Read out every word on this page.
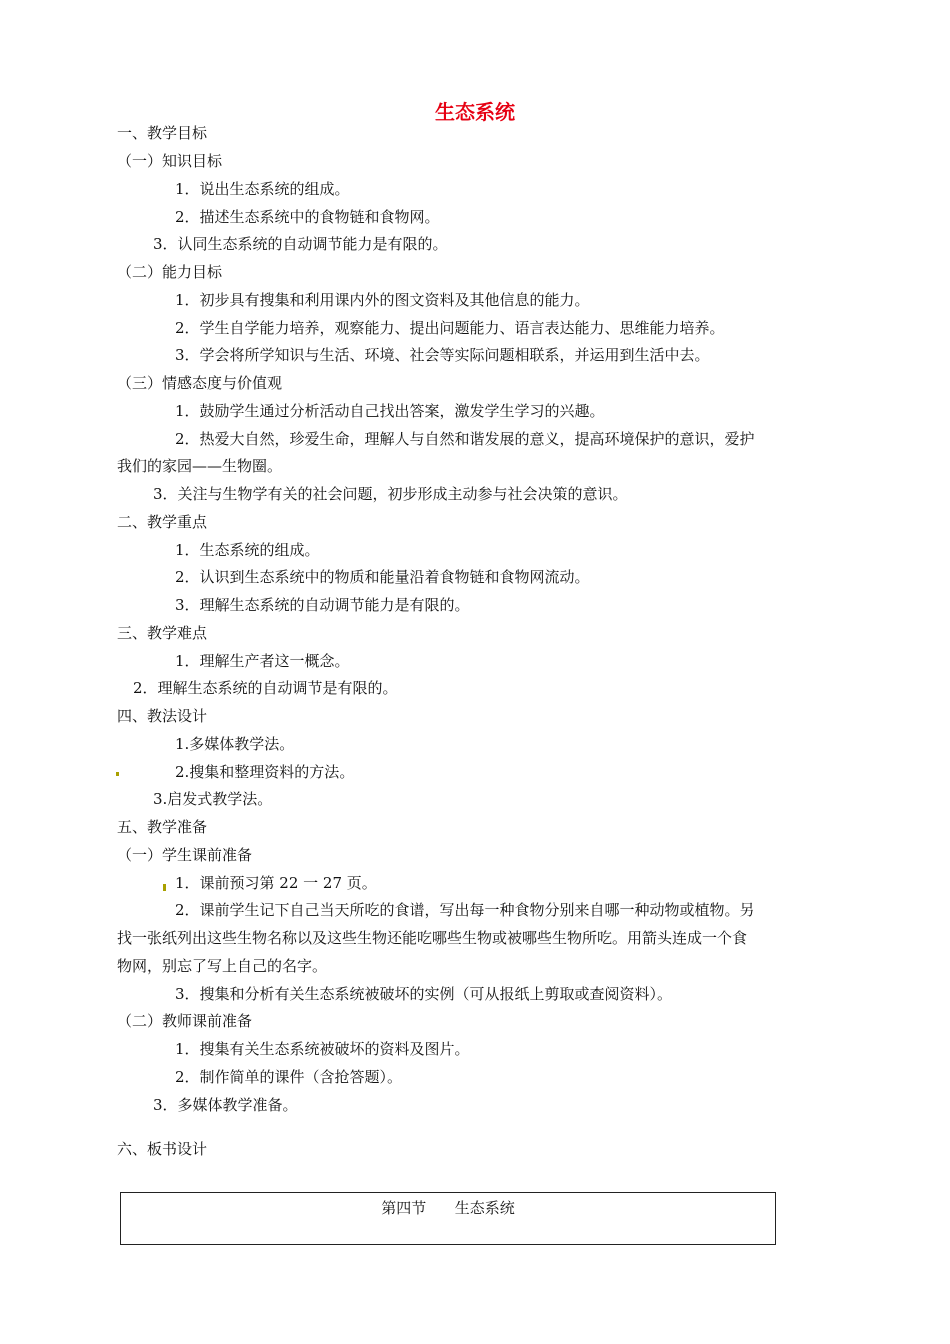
生态系统
一、教学目标
（一）知识目标
1．说出生态系统的组成。
2．描述生态系统中的食物链和食物网。
3．认同生态系统的自动调节能力是有限的。
（二）能力目标
1．初步具有搜集和利用课内外的图文资料及其他信息的能力。
2．学生自学能力培养，观察能力、提出问题能力、语言表达能力、思维能力培养。
3．学会将所学知识与生活、环境、社会等实际问题相联系，并运用到生活中去。
（三）情感态度与价值观
1．鼓励学生通过分析活动自己找出答案，激发学生学习的兴趣。
2．热爱大自然，珍爱生命，理解人与自然和谐发展的意义，提高环境保护的意识，爱护
我们的家园——生物圈。
3．关注与生物学有关的社会问题，初步形成主动参与社会决策的意识。
二、教学重点
1．生态系统的组成。
2．认识到生态系统中的物质和能量沿着食物链和食物网流动。
3．理解生态系统的自动调节能力是有限的。
三、教学难点
1．理解生产者这一概念。
2．理解生态系统的自动调节是有限的。
四、教法设计
1.多媒体教学法。
2.搜集和整理资料的方法。
3.启发式教学法。
五、教学准备
（一）学生课前准备
1．课前预习第 22 一 27 页。
2．课前学生记下自己当天所吃的食谱，写出每一种食物分别来自哪一种动物或植物。另
找一张纸列出这些生物名称以及这些生物还能吃哪些生物或被哪些生物所吃。用箭头连成一个食
物网，别忘了写上自己的名字。
3．搜集和分析有关生态系统被破坏的实例（可从报纸上剪取或查阅资料）。
（二）教师课前准备
1．搜集有关生态系统被破坏的资料及图片。
2．制作简单的课件（含抢答题）。
3．多媒体教学准备。
六、板书设计
第四节      生态系统
